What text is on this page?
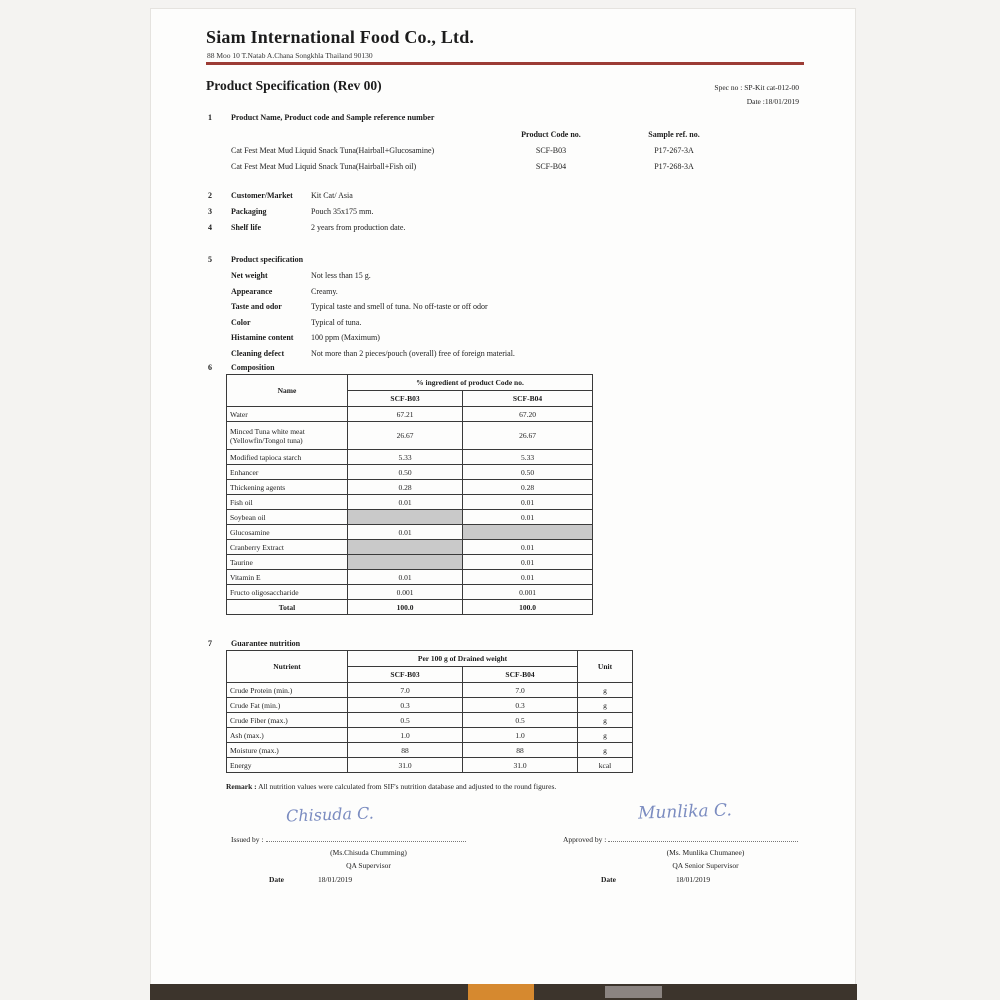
Siam International Food Co., Ltd.
88 Moo 10 T.Natab A.Chana Songkhla Thailand 90130
Product Specification (Rev 00)	Spec no : SP-Kit cat-012-00
Date :18/01/2019
1 Product Name, Product code and Sample reference number
Product Code no.	Sample ref. no.
Cat Fest Meat Mud Liquid Snack Tuna(Hairball+Glucosamine)	SCF-B03	P17-267-3A
Cat Fest Meat Mud Liquid Snack Tuna(Hairball+Fish oil)	SCF-B04	P17-268-3A
2 Customer/Market Kit Cat/ Asia
3 Packaging	Pouch 35x175 mm.
4 Shelf life	2 years from production date.
5 Product specification
Net weight	Not less than 15 g.
Appearance	Creamy.
Taste and odor	Typical taste and smell of tuna. No off-taste or off odor
Color	Typical of tuna.
Histamine content 100 ppm (Maximum)
Cleaning defect	Not more than 2 pieces/pouch (overall) free of foreign material.
6 Composition
Name	% ingredient of product Code no.	
	SCF-B03	SCF-B04
Water	67.21	67.20
Minced Tuna white meat (Yellowfin/Tongol tuna)	26.67	26.67
Modified tapioca starch	5.33	5.33
Enhancer	0.50	0.50
Thickening agents	0.28	0.28
Fish oil	0.01	0.01
Soybean oil		0.01
Glucosamine	0.01	
Cranberry Extract		0.01
Taurine		0.01
Vitamin E	0.01	0.01
Fructo oligosaccharide	0.001	0.001
Total	100.0	100.0
7 Guarantee nutrition
Nutrient	Per 100 g of Drained weight		Unit
	SCF-B03	SCF-B04	
Crude Protein (min.)	7.0	7.0	g
Crude Fat (min.)	0.3	0.3	g
Crude Fiber (max.)	0.5	0.5	g
Ash (max.)	1.0	1.0	g
Moisture (max.)	88	88	g
Energy	31.0	31.0	kcal
Remark : All nutrition values were calculated from SIF's nutrition database and adjusted to the round figures.
Chisuda C.
Issued by :
(Ms.Chisuda Chumming)
QA Supervisor
Date	18/01/2019
Munlika C.
Approved by :
(Ms. Munlika Chumanee)
QA Senior Supervisor
Date	18/01/2019
